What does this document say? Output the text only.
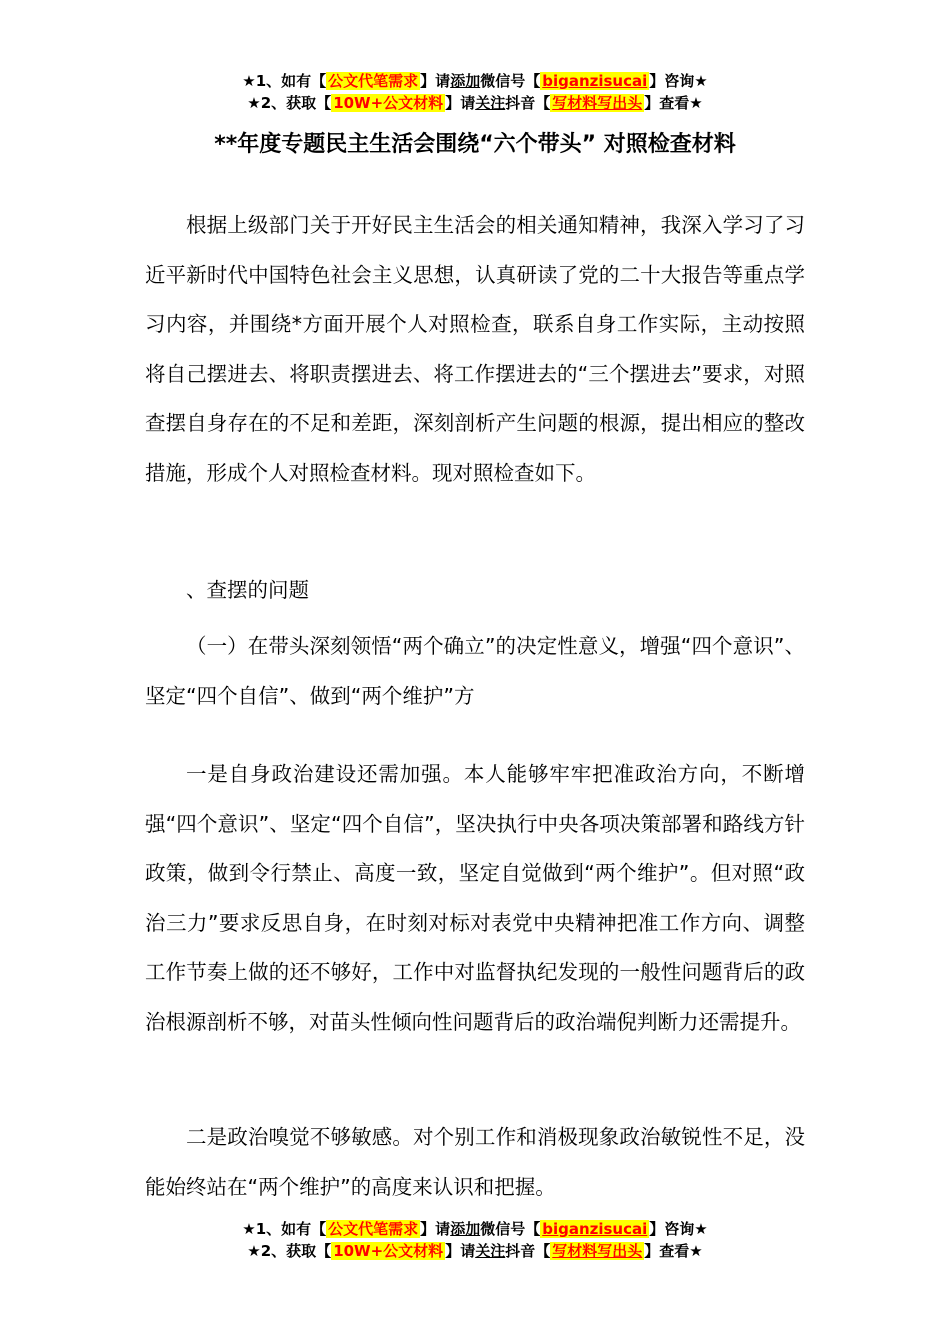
★1、如有【 公文代笔需求 】请添加微信号【 biganzisucai 】咨询★
★2、获取【 10W+公文材料 】请关注抖音【 写材料写出头 】查看★
**年度专题民主生活会围绕“六个带头” 对照检查材料

根据上级部门关于开好民主生活会的相关通知精神，我深入学习了习近平新时代中国特色社会主义思想，认真研读了党的二十大报告等重点学习内容，并围绕*方面开展个人对照检查，联系自身工作实际，主动按照将自己摆进去、将职责摆进去、将工作摆进去的“三个摆进去”要求，对照查摆自身存在的不足和差距，深刻剖析产生问题的根源，提出相应的整改措施，形成个人对照检查材料。现对照检查如下。

、查摆的问题

（一）在带头深刻领悟“两个确立”的决定性意义，增强“四个意识”、坚定“四个自信”、做到“两个维护”方

一是自身政治建设还需加强。本人能够牢牢把准政治方向，不断增强“四个意识”、坚定“四个自信”，坚决执行中央各项决策部署和路线方针政策，做到令行禁止、高度一致，坚定自觉做到“两个维护”。但对照“政治三力”要求反思自身，在时刻对标对表党中央精神把准工作方向、调整工作节奏上做的还不够好，工作中对监督执纪发现的一般性问题背后的政治根源剖析不够，对苗头性倾向性问题背后的政治端倪判断力还需提升。

二是政治嗅觉不够敏感。对个别工作和消极现象政治敏锐性不足，没能始终站在“两个维护”的高度来认识和把握。

★1、如有【 公文代笔需求 】请添加微信号【 biganzisucai 】咨询★
★2、获取【 10W+公文材料 】请关注抖音【 写材料写出头 】查看★
